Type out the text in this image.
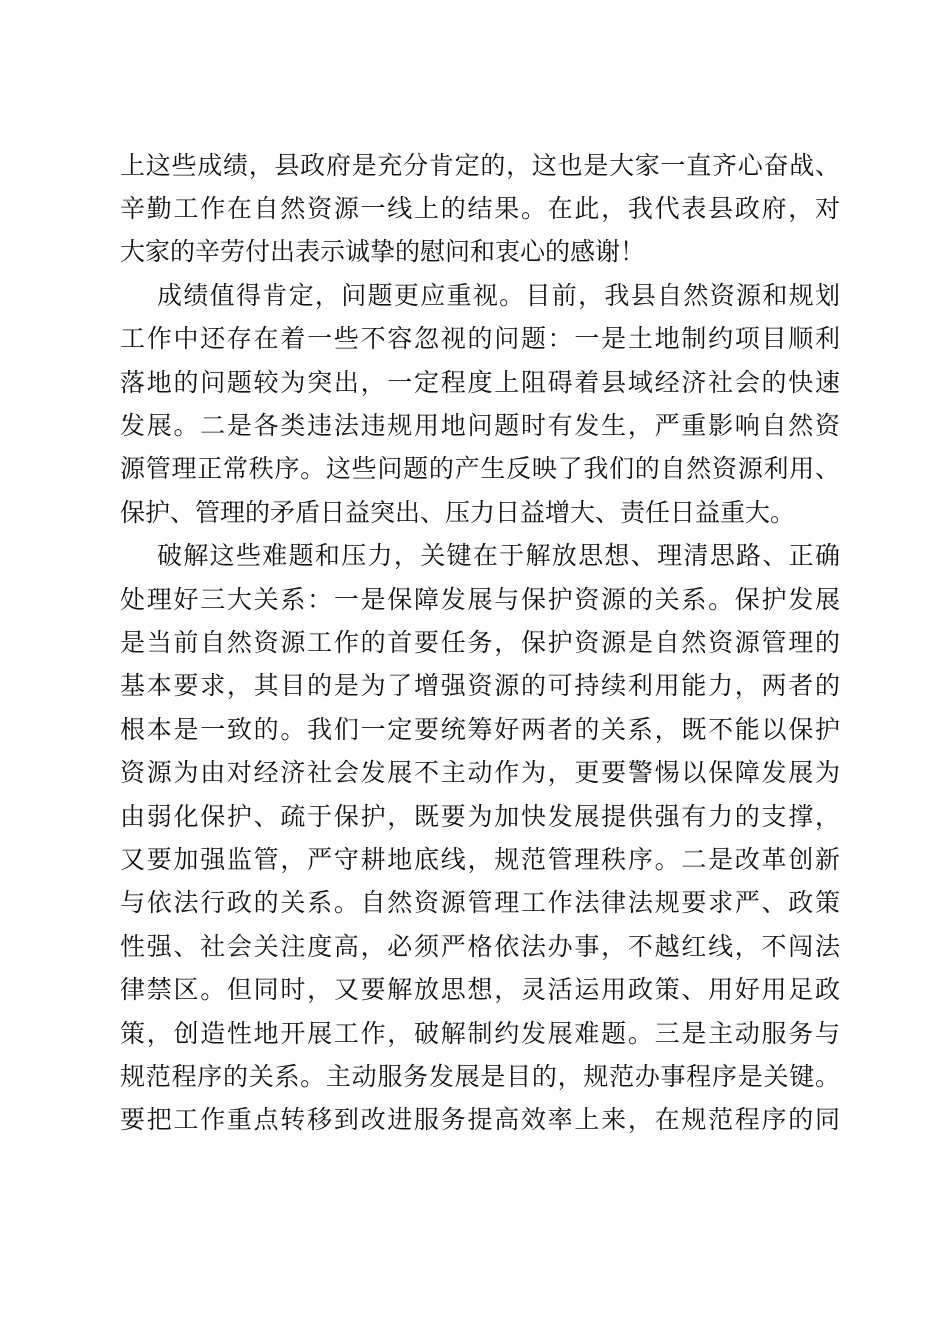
上这些成绩，县政府是充分肯定的，这也是大家一直齐心奋战、
辛勤工作在自然资源一线上的结果。在此，我代表县政府，对
大家的辛劳付出表示诚挚的慰问和衷心的感谢！
成绩值得肯定，问题更应重视。目前，我县自然资源和规划
工作中还存在着一些不容忽视的问题：一是土地制约项目顺利
落地的问题较为突出，一定程度上阻碍着县域经济社会的快速
发展。二是各类违法违规用地问题时有发生，严重影响自然资
源管理正常秩序。这些问题的产生反映了我们的自然资源利用、
保护、管理的矛盾日益突出、压力日益增大、责任日益重大。
破解这些难题和压力，关键在于解放思想、理清思路、正确
处理好三大关系：一是保障发展与保护资源的关系。保护发展
是当前自然资源工作的首要任务，保护资源是自然资源管理的
基本要求，其目的是为了增强资源的可持续利用能力，两者的
根本是一致的。我们一定要统筹好两者的关系，既不能以保护
资源为由对经济社会发展不主动作为，更要警惕以保障发展为
由弱化保护、疏于保护，既要为加快发展提供强有力的支撑，
又要加强监管，严守耕地底线，规范管理秩序。二是改革创新
与依法行政的关系。自然资源管理工作法律法规要求严、政策
性强、社会关注度高，必须严格依法办事，不越红线，不闯法
律禁区。但同时，又要解放思想，灵活运用政策、用好用足政
策，创造性地开展工作，破解制约发展难题。三是主动服务与
规范程序的关系。主动服务发展是目的，规范办事程序是关键。
要把工作重点转移到改进服务提高效率上来，在规范程序的同
